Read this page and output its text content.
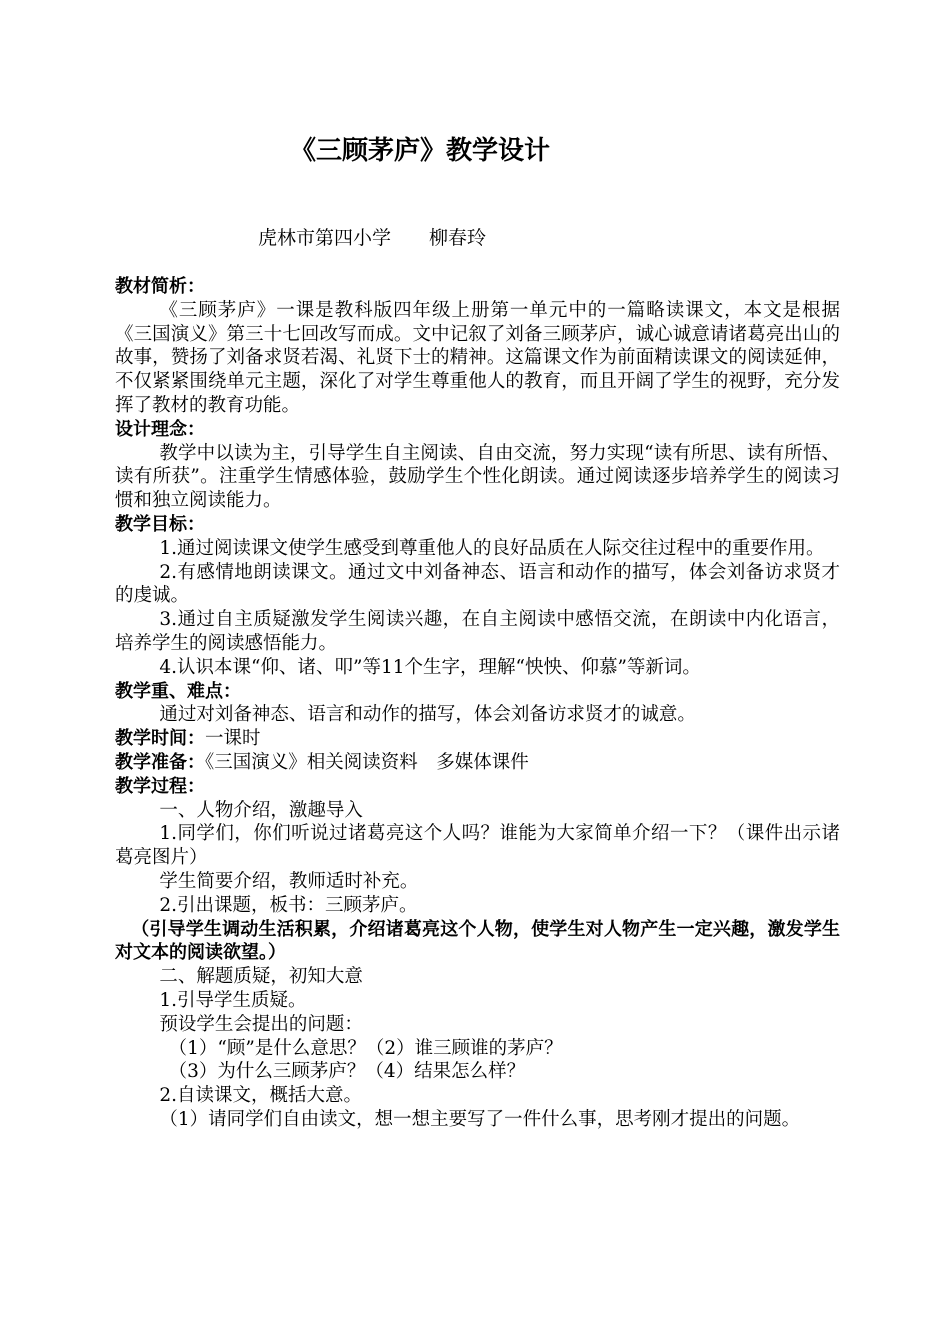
《三顾茅庐》教学设计
虎林市第四小学　　柳春玲
教材简析：
《三顾茅庐》一课是教科版四年级上册第一单元中的一篇略读课文，本文是根据《三国演义》第三十七回改写而成。文中记叙了刘备三顾茅庐，诚心诚意请诸葛亮出山的故事，赞扬了刘备求贤若渴、礼贤下士的精神。这篇课文作为前面精读课文的阅读延伸，不仅紧紧围绕单元主题，深化了对学生尊重他人的教育，而且开阔了学生的视野，充分发挥了教材的教育功能。
设计理念：
教学中以读为主，引导学生自主阅读、自由交流，努力实现“读有所思、读有所悟、读有所获”。注重学生情感体验，鼓励学生个性化朗读。通过阅读逐步培养学生的阅读习惯和独立阅读能力。
教学目标：
1.通过阅读课文使学生感受到尊重他人的良好品质在人际交往过程中的重要作用。
2.有感情地朗读课文。通过文中刘备神态、语言和动作的描写，体会刘备访求贤才的虔诚。
3.通过自主质疑激发学生阅读兴趣，在自主阅读中感悟交流，在朗读中内化语言，培养学生的阅读感悟能力。
4.认识本课“仰、诸、叩”等11个生字，理解“怏怏、仰慕”等新词。
教学重、难点：
通过对刘备神态、语言和动作的描写，体会刘备访求贤才的诚意。
教学时间：一课时
教学准备：《三国演义》相关阅读资料　多媒体课件
教学过程：
一、人物介绍，激趣导入
1.同学们，你们听说过诸葛亮这个人吗？谁能为大家简单介绍一下？（课件出示诸葛亮图片）
学生简要介绍，教师适时补充。
2.引出课题，板书：三顾茅庐。
（引导学生调动生活积累，介绍诸葛亮这个人物，使学生对人物产生一定兴趣，激发学生对文本的阅读欲望。）
二、解题质疑，初知大意
1.引导学生质疑。
预设学生会提出的问题：
（1）“顾”是什么意思？（2）谁三顾谁的茅庐？
（3）为什么三顾茅庐？（4）结果怎么样？
2.自读课文，概括大意。
（1）请同学们自由读文，想一想主要写了一件什么事，思考刚才提出的问题。
